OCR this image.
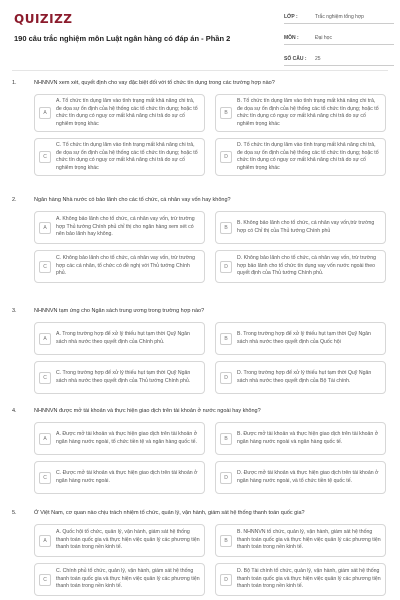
QUIZIZZ
190 câu trắc nghiệm môn Luật ngân hàng có đáp án - Phần 2
LỚP :	Trắc nghiệm tổng hợp
MÔN :	Đại học
SỐ CÂU :	25
1.	NHNNVN xem xét, quyết định cho vay đặc biệt đối với tổ chức tín dụng trong các trường hợp nào?
A
A. Tổ chức tín dụng lâm vào tình trạng mất khả năng chi trả, đe dọa sự ổn định của hệ thống các tổ chức tín dụng; hoặc tổ chức tín dụng có nguy cơ mất khả năng chi trả do sự cố nghiêm trọng khác
B
B. Tổ chức tín dụng lâm vào tình trạng mất khả năng chi trả, đe dọa sự ổn định của hệ thống các tổ chức tín dụng; hoặc tổ chức tín dụng có nguy cơ mất khả năng chi trả do sự cố nghiêm trọng khác
C
C. Tổ chức tín dụng lâm vào tình trạng mất khả năng chi trả, đe dọa sự ổn định của hệ thống các tổ chức tín dụng; hoặc tổ chức tín dụng có nguy cơ mất khả năng chi trả do sự cố nghiêm trọng khác
D
D. Tổ chức tín dụng lâm vào tình trạng mất khả năng chi trả, đe dọa sự ổn định của hệ thống các tổ chức tín dụng; hoặc tổ chức tín dụng có nguy cơ mất khả năng chi trả do sự cố nghiêm trọng khác
2.	Ngân hàng Nhà nước có bảo lãnh cho các tổ chức, cá nhân vay vốn hay không?
A
A. Không bảo lãnh cho tổ chức, cá nhân vay vốn, trừ trường hợp Thủ tướng Chính phủ chỉ thị cho ngân hàng xem xét có nên bảo lãnh hay không.
B
B. Không bảo lãnh cho tổ chức, cá nhân vay vốn,trừ trường hợp có Chỉ thị của Thủ tướng Chính phủ
C
C. Không bảo lãnh cho tổ chức, cá nhân vay vốn, trừ trường hợp các cá nhân, tổ chức có đề nghị với Thủ tướng Chính phủ.
D
D. Không bảo lãnh cho tổ chức, cá nhân vay vốn, trừ trường hợp bảo lãnh cho tổ chức tín dụng vay vốn nước ngoài theo quyết định của Thủ tướng Chính phủ.
3.	NHNNVN tạm ứng cho Ngân sách trung ương trong trường hợp nào?
A
A. Trong trường hợp để xử lý thiếu hụt tạm thời Quỹ Ngân sách nhà nước theo quyết định của Chính phủ.	B
B. Trong trường hợp để xử lý thiếu hụt tạm thời Quỹ Ngân sách nhà nước theo quyết định của Quốc hội
C
C. Trong trường hợp để xử lý thiếu hụt tạm thời Quỹ Ngân sách nhà nước theo quyết định của Thủ tướng Chính phủ.	D
D. Trong trường hợp để xử lý thiếu hụt tạm thời Quỹ Ngân sách nhà nước theo quyết định của Bộ Tài chính.
4.	NHNNVN được mở tài khoản và thực hiện giao dịch trên tài khoản ở nước ngoài hay không?
A
A. Được mở tài khoản và thực hiện giao dịch trên tài khoản ở ngân hàng nước ngoài, tổ chức tiền tệ và ngân hàng quốc tế.	B
B. Được mở tài khoản và thực hiện giao dịch trên tài khoản ở ngân hàng nước ngoài và ngân hàng quốc tế.
C
C. Được mở tài khoản và thực hiện giao dịch trên tài khoản ở ngân hàng nước ngoài.	D
D. Được mở tài khoản và thực hiện giao dịch trên tài khoản ở ngân hàng nước ngoài, và tổ chức tiền tệ quốc tế.
5.	Ở Việt Nam, cơ quan nào chịu trách nhiệm tổ chức, quản lý, vận hành, giám sát hệ thống thanh toán quốc gia?
A
A. Quốc hội tổ chức, quản lý, vận hành, giám sát hệ thống thanh toán quốc gia và thực hiện việc quản lý các phương tiện thanh toán trong nền kinh tế.
B
B. NHNNVN tổ chức, quản lý, vận hành, giám sát hệ thống thanh toán quốc gia và thực hiện việc quản lý các phương tiện thanh toán trong nền kinh tế.
C
C. Chính phủ tổ chức, quản lý, vận hành, giám sát hệ thống thanh toán quốc gia và thực hiện việc quản lý các phương tiện thanh toán trong nền kinh tế.
D
D. Bộ Tài chính tổ chức, quản lý, vận hành, giám sát hệ thống thanh toán quốc gia và thực hiện việc quản lý các phương tiện thanh toán trong nền kinh tế.
